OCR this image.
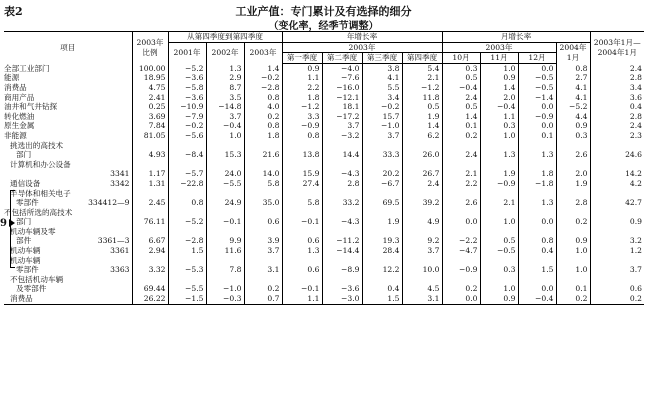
表2	工业产值：专门累计及有选择的细分
（变化率，经季节调整）
9
项目	2003年比例	从第四季度到第四季度			年增长率				月增长率				2003年1月—2004年1月
		2001年	2002年	2003年	2003年				2003年			2004年1月	
					第一季度	第二季度	第三季度	第四季度	10月	11月	12月		
全部工业部门	100.00	−5.2	1.3	1.4	0.9	−4.0	3.8	5.4	0.3	1.0	0.0	0.8	2.4
能源	18.95	−3.6	2.9	−0.2	1.1	−7.6	4.1	2.1	0.5	0.9	−0.5	2.7	2.8
消费品	4.75	−5.8	8.7	−2.8	2.2	−16.0	5.5	−1.2	−0.4	1.4	−0.5	4.1	3.4
商用产品	2.41	−3.6	3.5	0.8	1.8	−12.1	3.4	11.8	2.4	2.0	−1.4	4.1	3.6
油井和气井钻探	0.25	−10.9	−14.8	4.0	−1.2	18.1	−0.2	0.5	0.5	−0.4	0.0	−5.2	0.4
转化燃油	3.69	−7.9	3.7	0.2	3.3	−17.2	15.7	1.9	1.4	1.1	−0.9	4.4	2.8
原生金属	7.84	−0.2	−0.4	0.8	−0.9	3.7	−1.0	1.4	0.1	0.3	0.0	0.9	2.4
非能源	81.05	−5.6	1.0	1.8	0.8	−3.2	3.7	6.2	0.2	1.0	0.1	0.3	2.3
挑选出的高技术													
部门	4.93	−8.4	15.3	21.6	13.8	14.4	33.3	26.0	2.4	1.3	1.3	2.6	24.6
计算机和办公设备													

3341	1.17	−5.7	24.0	14.0	15.9	−4.3	20.2	26.7	2.1	1.9	1.8	2.0	14.2
通信设备 3342	1.31	−22.8	−5.5	5.8	27.4	2.8	−6.7	2.4	2.2	−0.9	−1.8	1.9	4.2
半导体和相关电子													
零部件 334412—9	2.45	0.8	24.9	35.0	5.8	33.2	69.5	39.2	2.6	2.1	1.3	2.8	42.7
不包括所选的高技术													
部门	76.11	−5.2	−0.1	0.6	−0.1	−4.3	1.9	4.9	0.0	1.0	0.0	0.2	0.9
机动车辆及零													
部件 3361—3	6.67	−2.8	9.9	3.9	0.6	−11.2	19.3	9.2	−2.2	0.5	0.8	0.9	3.2
机动车辆 3361	2.94	1.5	11.6	3.7	1.3	−14.4	28.4	3.7	−4.7	−0.5	0.4	1.0	1.2
机动车辆													
零部件 3363	3.32	−5.3	7.8	3.1	0.6	−8.9	12.2	10.0	−0.9	0.3	1.5	1.0	3.7
不包括机动车辆													
及零部件	69.44	−5.5	−1.0	0.2	−0.1	−3.6	0.4	4.5	0.2	1.0	0.0	0.1	0.6
消费品	26.22	−1.5	−0.3	0.7	1.1	−3.0	1.5	3.1	0.0	0.9	−0.4	0.2	0.2
